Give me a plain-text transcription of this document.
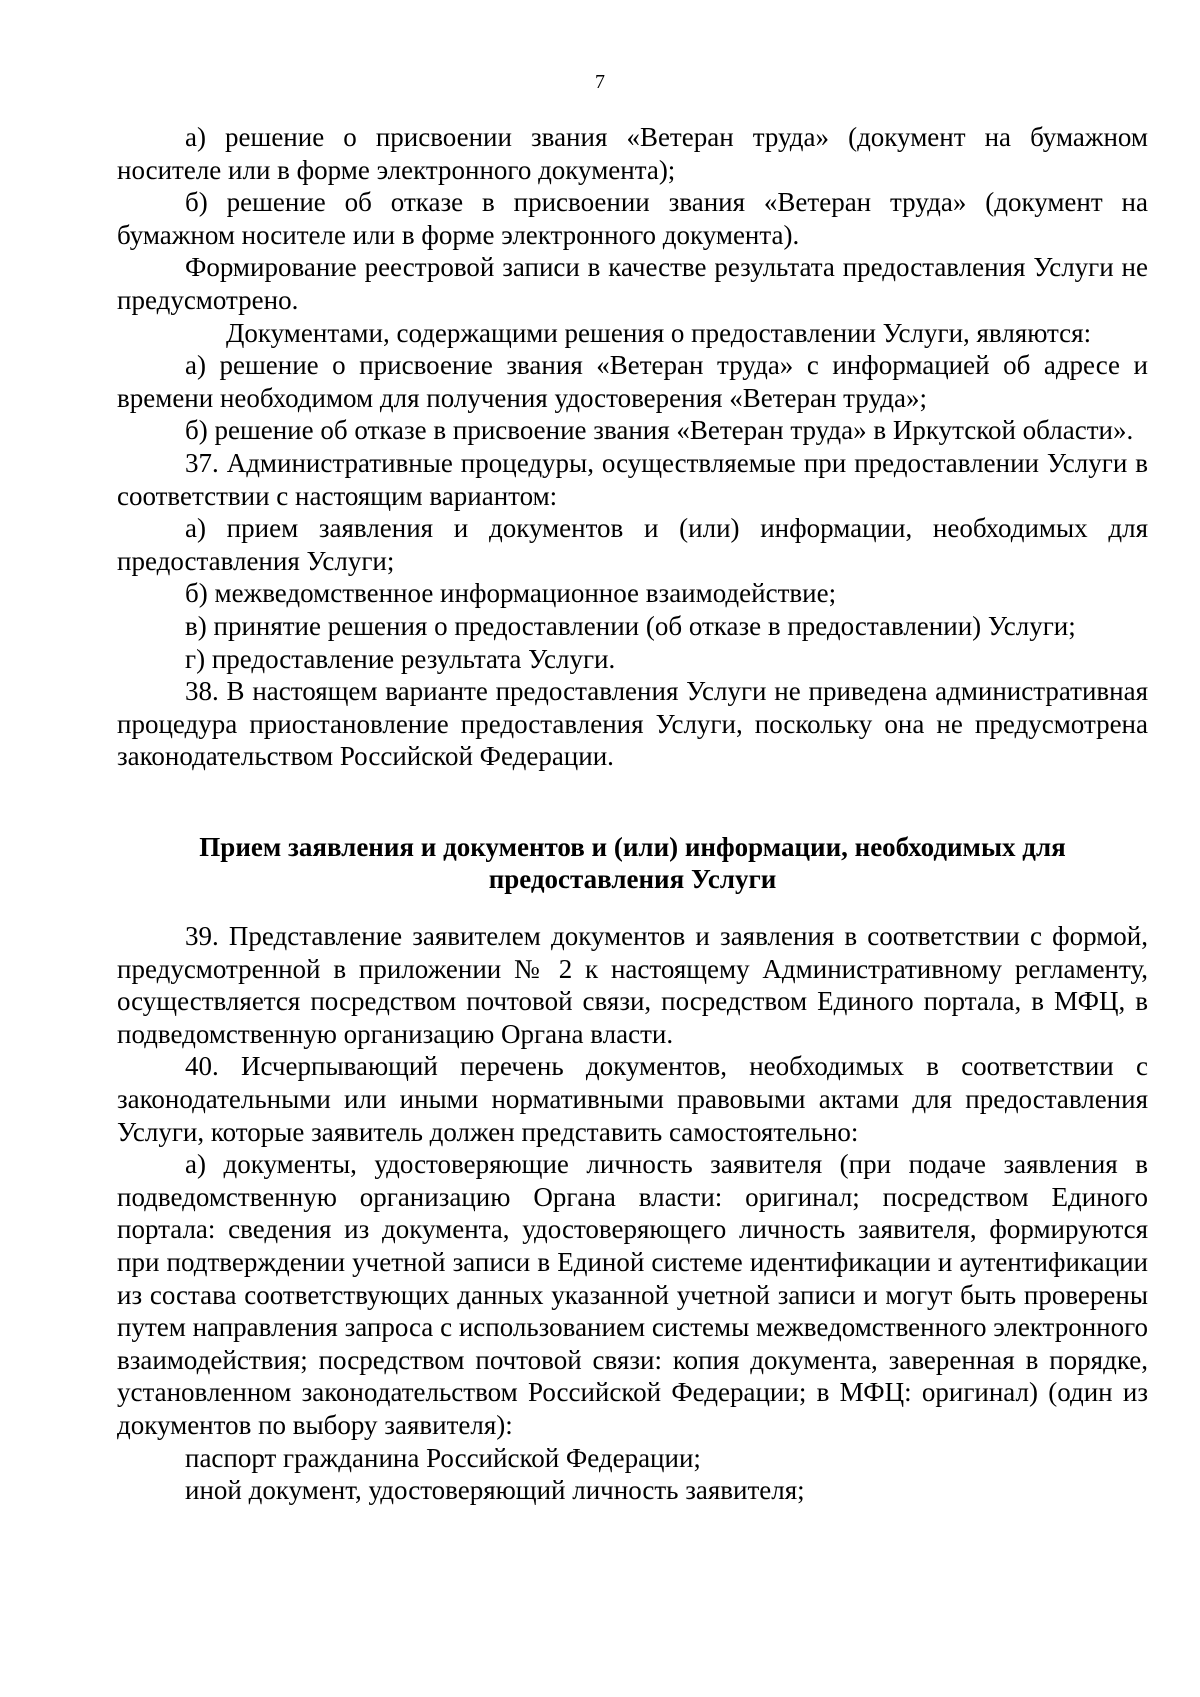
7

а) решение о присвоении звания «Ветеран труда» (документ на бумажном носителе или в форме электронного документа);

б) решение об отказе в присвоении звания «Ветеран труда» (документ на бумажном носителе или в форме электронного документа).

Формирование реестровой записи в качестве результата предоставления Услуги не предусмотрено.

Документами, содержащими решения о предоставлении Услуги, являются:

а) решение о присвоение звания «Ветеран труда» с информацией об адресе и времени необходимом для получения удостоверения «Ветеран труда»;

б) решение об отказе в присвоение звания «Ветеран труда» в Иркутской области».

37. Административные процедуры, осуществляемые при предоставлении Услуги в соответствии с настоящим вариантом:

а) прием заявления и документов и (или) информации, необходимых для предоставления Услуги;

б) межведомственное информационное взаимодействие;

в) принятие решения о предоставлении (об отказе в предоставлении) Услуги;

г) предоставление результата Услуги.

38. В настоящем варианте предоставления Услуги не приведена административная процедура приостановление предоставления Услуги, поскольку она не предусмотрена законодательством Российской Федерации.

Прием заявления и документов и (или) информации, необходимых для предоставления Услуги

39. Представление заявителем документов и заявления в соответствии с формой, предусмотренной в приложении № 2 к настоящему Административному регламенту, осуществляется посредством почтовой связи, посредством Единого портала, в МФЦ, в подведомственную организацию Органа власти.

40. Исчерпывающий перечень документов, необходимых в соответствии с законодательными или иными нормативными правовыми актами для предоставления Услуги, которые заявитель должен представить самостоятельно:

а) документы, удостоверяющие личность заявителя (при подаче заявления в подведомственную организацию Органа власти: оригинал; посредством Единого портала: сведения из документа, удостоверяющего личность заявителя, формируются при подтверждении учетной записи в Единой системе идентификации и аутентификации из состава соответствующих данных указанной учетной записи и могут быть проверены путем направления запроса с использованием системы межведомственного электронного взаимодействия; посредством почтовой связи: копия документа, заверенная в порядке, установленном законодательством Российской Федерации; в МФЦ: оригинал) (один из документов по выбору заявителя):

паспорт гражданина Российской Федерации;

иной документ, удостоверяющий личность заявителя;
